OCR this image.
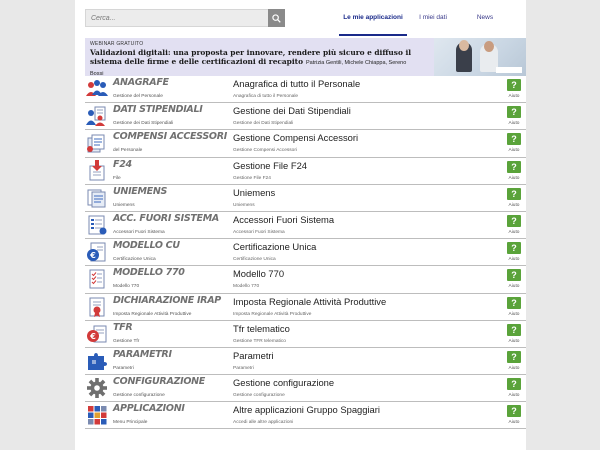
Cerca...
Le mie applicazioni	I miei dati	News
WEBINAR GRATUITO
Validazioni digitali: una proposta per innovare, rendere più sicuro e diffuso il sistema delle firme e delle certificazioni di recapito Patrizia Gentili, Michele Chiappa, Sereno Bossi
ANAGRAFE
Gestione del Personale
Anagrafica di tutto il Personale
Anagrafica di tutto il Personale
?
Aiuto
DATI STIPENDIALI
Gestione dei Dati Stipendiali
Gestione dei Dati Stipendiali
Gestione dei Dati Stipendiali
?
Aiuto
COMPENSI ACCESSORI
del Personale
Gestione Compensi Accessori
Gestione Compensi Accessori
?
Aiuto
F24
File
Gestione File F24
Gestione File F24
?
Aiuto
UNIEMENS
Uniemens
Uniemens
Uniemens
?
Aiuto
ACC. FUORI SISTEMA
Accessori Fuori Sistema
Accessori Fuori Sistema
Accessori Fuori Sistema
?
Aiuto
€
MODELLO CU
Certificazione Unica
Certificazione Unica
Certificazione Unica
?
Aiuto
MODELLO 770
Modello 770
Modello 770
Modello 770
?
Aiuto
DICHIARAZIONE IRAP
Imposta Regionale Attività Produttive
Imposta Regionale Attività Produttive
Imposta Regionale Attività Produttive
?
Aiuto
€
TFR
Gestione Tfr
Tfr telematico
Gestione TFR telematico
?
Aiuto
PARAMETRI
Parametri
Parametri
Parametri
?
Aiuto
CONFIGURAZIONE
Gestione configurazione
Gestione configurazione
Gestione configurazione
?
Aiuto
APPLICAZIONI
Menu Principale
Altre applicazioni Gruppo Spaggiari
Accedi alle altre applicazioni
?
Aiuto
